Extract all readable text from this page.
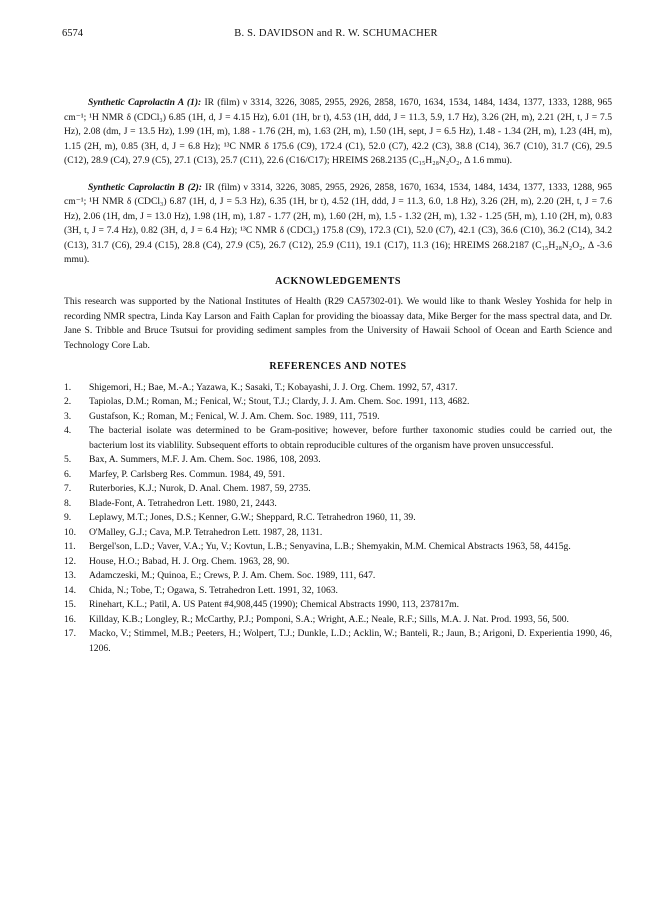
6574	B. S. DAVIDSON and R. W. SCHUMACHER

Synthetic Caprolactin A (1): IR (film) ν 3314, 3226, 3085, 2955, 2926, 2858, 1670, 1634, 1534, 1484, 1434, 1377, 1333, 1288, 965 cm⁻¹; ¹H NMR δ (CDCl₃) 6.85 (1H, d, J = 4.15 Hz), 6.01 (1H, br t), 4.53 (1H, ddd, J = 11.3, 5.9, 1.7 Hz), 3.26 (2H, m), 2.21 (2H, t, J = 7.5 Hz), 2.08 (dm, J = 13.5 Hz), 1.99 (1H, m), 1.88 - 1.76 (2H, m), 1.63 (2H, m), 1.50 (1H, sept, J = 6.5 Hz), 1.48 - 1.34 (2H, m), 1.23 (4H, m), 1.15 (2H, m), 0.85 (3H, d, J = 6.8 Hz); ¹³C NMR δ 175.6 (C9), 172.4 (C1), 52.0 (C7), 42.2 (C3), 38.8 (C14), 36.7 (C10), 31.7 (C6), 29.5 (C12), 28.9 (C4), 27.9 (C5), 27.1 (C13), 25.7 (C11), 22.6 (C16/C17); HREIMS 268.2135 (C₁₅H₂₈N₂O₂, Δ 1.6 mmu).

Synthetic Caprolactin B (2): IR (film) ν 3314, 3226, 3085, 2955, 2926, 2858, 1670, 1634, 1534, 1484, 1434, 1377, 1333, 1288, 965 cm⁻¹; ¹H NMR δ (CDCl₃) 6.87 (1H, d, J = 5.3 Hz), 6.35 (1H, br t), 4.52 (1H, ddd, J = 11.3, 6.0, 1.8 Hz), 3.26 (2H, m), 2.20 (2H, t, J = 7.6 Hz), 2.06 (1H, dm, J = 13.0 Hz), 1.98 (1H, m), 1.87 - 1.77 (2H, m), 1.60 (2H, m), 1.5 - 1.32 (2H, m), 1.32 - 1.25 (5H, m), 1.10 (2H, m), 0.83 (3H, t, J = 7.4 Hz), 0.82 (3H, d, J = 6.4 Hz); ¹³C NMR δ (CDCl₃) 175.8 (C9), 172.3 (C1), 52.0 (C7), 42.1 (C3), 36.6 (C10), 36.2 (C14), 34.2 (C13), 31.7 (C6), 29.4 (C15), 28.8 (C4), 27.9 (C5), 26.7 (C12), 25.9 (C11), 19.1 (C17), 11.3 (16); HREIMS 268.2187 (C₁₅H₂₈N₂O₂, Δ -3.6 mmu).

ACKNOWLEDGEMENTS

This research was supported by the National Institutes of Health (R29 CA57302-01). We would like to thank Wesley Yoshida for help in recording NMR spectra, Linda Kay Larson and Faith Caplan for providing the bioassay data, Mike Berger for the mass spectral data, and Dr. Jane S. Tribble and Bruce Tsutsui for providing sediment samples from the University of Hawaii School of Ocean and Earth Science and Technology Core Lab.

REFERENCES AND NOTES
1. Shigemori, H.; Bae, M.-A.; Yazawa, K.; Sasaki, T.; Kobayashi, J. J. Org. Chem. 1992, 57, 4317.
2. Tapiolas, D.M.; Roman, M.; Fenical, W.; Stout, T.J.; Clardy, J. J. Am. Chem. Soc. 1991, 113, 4682.
3. Gustafson, K.; Roman, M.; Fenical, W. J. Am. Chem. Soc. 1989, 111, 7519.
4. The bacterial isolate was determined to be Gram-positive; however, before further taxonomic studies could be carried out, the bacterium lost its viablility. Subsequent efforts to obtain reproducible cultures of the organism have proven unsuccessful.
5. Bax, A. Summers, M.F. J. Am. Chem. Soc. 1986, 108, 2093.
6. Marfey, P. Carlsberg Res. Commun. 1984, 49, 591.
7. Ruterbories, K.J.; Nurok, D. Anal. Chem. 1987, 59, 2735.
8. Blade-Font, A. Tetrahedron Lett. 1980, 21, 2443.
9. Leplawy, M.T.; Jones, D.S.; Kenner, G.W.; Sheppard, R.C. Tetrahedron 1960, 11, 39.
10. O'Malley, G.J.; Cava, M.P. Tetrahedron Lett. 1987, 28, 1131.
11. Bergel'son, L.D.; Vaver, V.A.; Yu, V.; Kovtun, L.B.; Senyavina, L.B.; Shemyakin, M.M. Chemical Abstracts 1963, 58, 4415g.
12. House, H.O.; Babad, H. J. Org. Chem. 1963, 28, 90.
13. Adamczeski, M.; Quinoa, E.; Crews, P. J. Am. Chem. Soc. 1989, 111, 647.
14. Chida, N.; Tobe, T.; Ogawa, S. Tetrahedron Lett. 1991, 32, 1063.
15. Rinehart, K.L.; Patil, A. US Patent #4,908,445 (1990); Chemical Abstracts 1990, 113, 237817m.
16. Killday, K.B.; Longley, R.; McCarthy, P.J.; Pomponi, S.A.; Wright, A.E.; Neale, R.F.; Sills, M.A. J. Nat. Prod. 1993, 56, 500.
17. Macko, V.; Stimmel, M.B.; Peeters, H.; Wolpert, T.J.; Dunkle, L.D.; Acklin, W.; Banteli, R.; Jaun, B.; Arigoni, D. Experientia 1990, 46, 1206.
